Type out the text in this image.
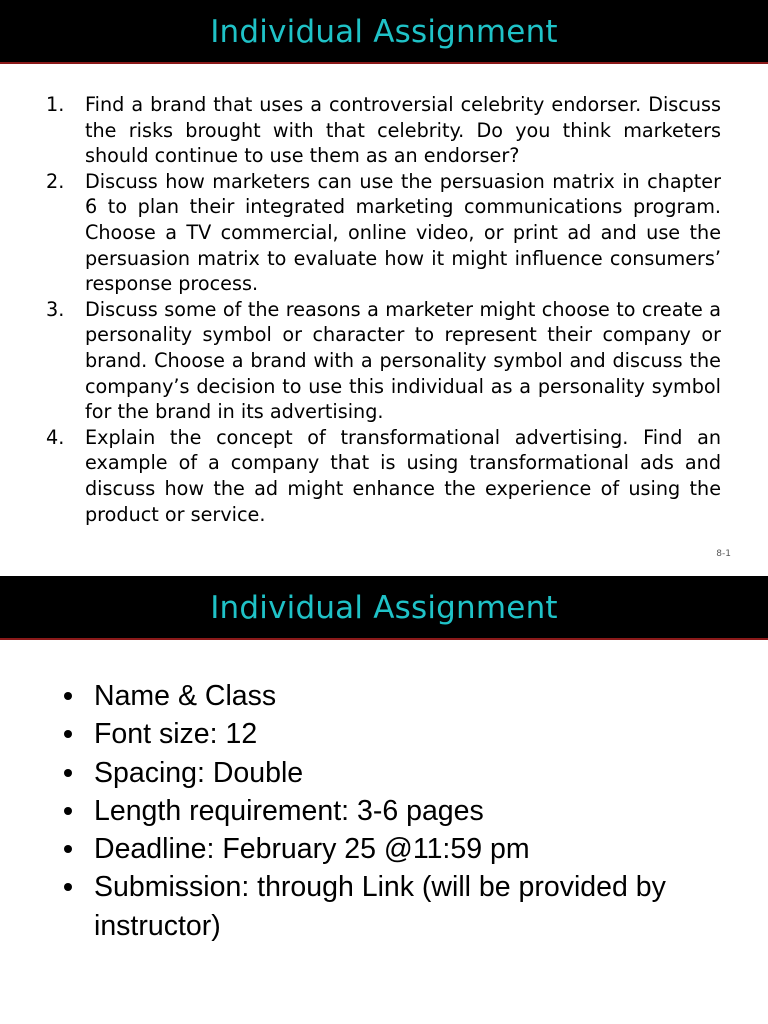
Individual Assignment
1. Find a brand that uses a controversial celebrity endorser. Discuss the risks brought with that celebrity. Do you think marketers should continue to use them as an endorser?
2. Discuss how marketers can use the persuasion matrix in chapter 6 to plan their integrated marketing communications program. Choose a TV commercial, online video, or print ad and use the persuasion matrix to evaluate how it might influence consumers’ response process.
3. Discuss some of the reasons a marketer might choose to create a personality symbol or character to represent their company or brand. Choose a brand with a personality symbol and discuss the company’s decision to use this individual as a personality symbol for the brand in its advertising.
4. Explain the concept of transformational advertising. Find an example of a company that is using transformational ads and discuss how the ad might enhance the experience of using the product or service.
8-1
Individual Assignment
Name & Class
Font size: 12
Spacing: Double
Length requirement: 3-6 pages
Deadline: February 25 @11:59 pm
Submission: through Link (will be provided by instructor)
